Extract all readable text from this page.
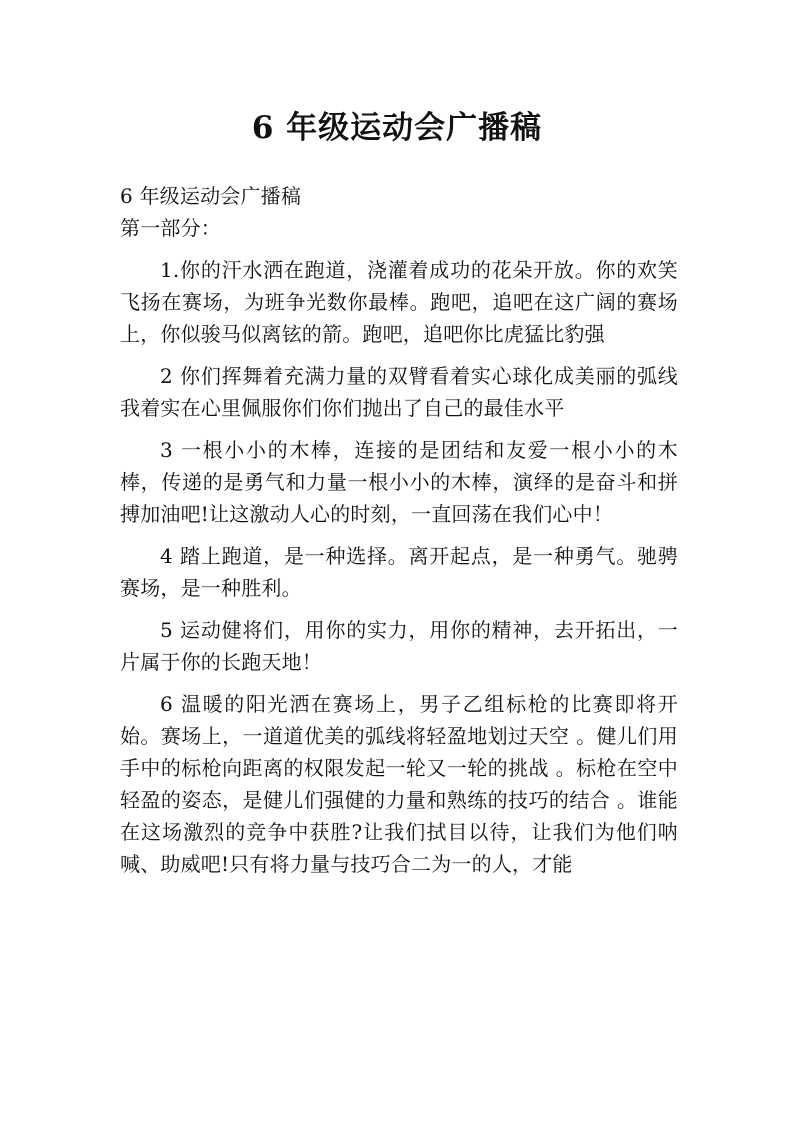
6 年级运动会广播稿

6 年级运动会广播稿

第一部分：

1.你的汗水洒在跑道，浇灌着成功的花朵开放。你的欢笑飞扬在赛场，为班争光数你最棒。跑吧，追吧在这广阔的赛场上，你似骏马似离铉的箭。跑吧，追吧你比虎猛比豹强

2 你们挥舞着充满力量的双臂看着实心球化成美丽的弧线我着实在心里佩服你们你们抛出了自己的最佳水平

3 一根小小的木棒，连接的是团结和友爱一根小小的木棒，传递的是勇气和力量一根小小的木棒，演绎的是奋斗和拼搏加油吧!让这激动人心的时刻，一直回荡在我们心中！

4 踏上跑道，是一种选择。离开起点，是一种勇气。驰骋赛场，是一种胜利。

5 运动健将们，用你的实力，用你的精神，去开拓出，一片属于你的长跑天地！

6 温暖的阳光洒在赛场上，男子乙组标枪的比赛即将开始。赛场上，一道道优美的弧线将轻盈地划过天空 。健儿们用手中的标枪向距离的权限发起一轮又一轮的挑战 。标枪在空中轻盈的姿态，是健儿们强健的力量和熟练的技巧的结合 。谁能在这场激烈的竞争中获胜?让我们拭目以待，让我们为他们呐喊、助威吧!只有将力量与技巧合二为一的人，才能
